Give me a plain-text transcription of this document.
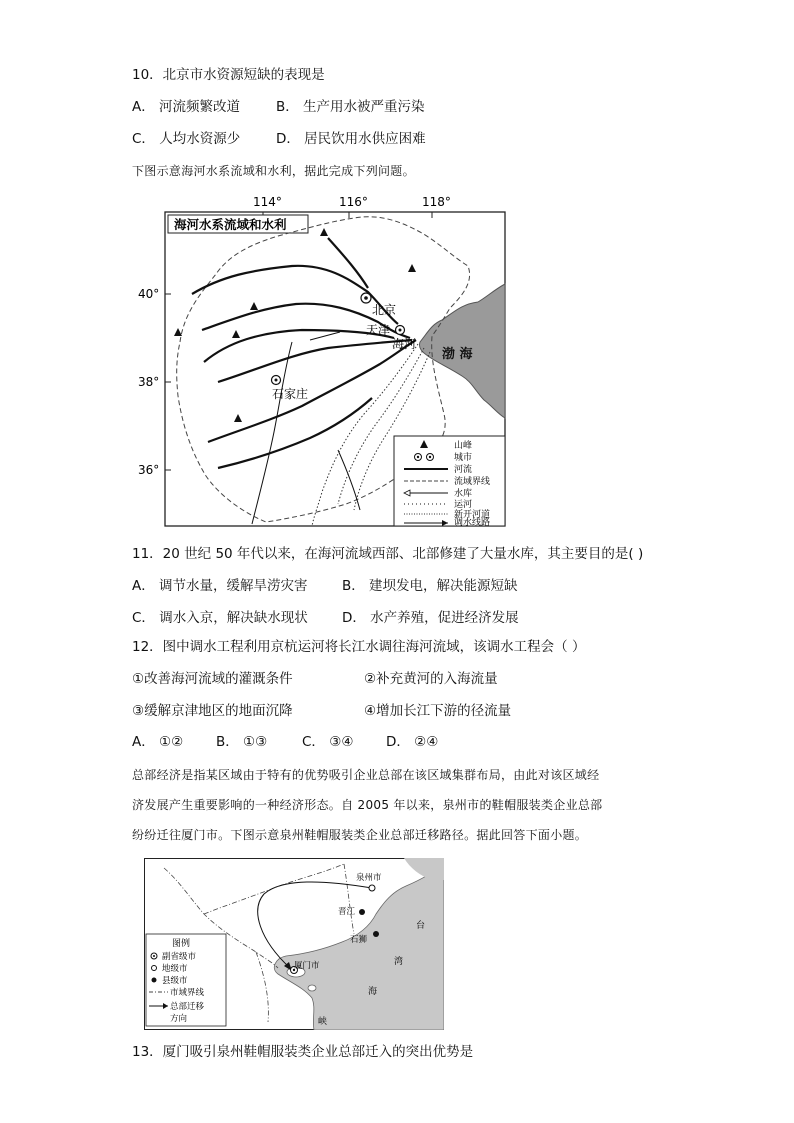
10．北京市水资源短缺的表现是
A． 河流频繁改道	B． 生产用水被严重污染
C． 人均水资源少	D． 居民饮用水供应困难
下图示意海河水系流域和水利，据此完成下列问题。
114°	116°	118°
40°
38°
36°
渤 海
海河水系流域和水利
北京
天津
海河
石家庄
山峰
城市
河流
流域界线
水库
运河
新开河道
调水线路
11．20 世纪 50 年代以来，在海河流域西部、北部修建了大量水库，其主要目的是( )
A． 调节水量，缓解旱涝灾害	B． 建坝发电，解决能源短缺
C． 调水入京，解决缺水现状	D． 水产养殖，促进经济发展
12．图中调水工程利用京杭运河将长江水调往海河流域，该调水工程会（ ）
①改善海河流域的灌溉条件	②补充黄河的入海流量
③缓解京津地区的地面沉降	④增加长江下游的径流量
A． ①② B． ①③	C． ③④ D． ②④
总部经济是指某区域由于特有的优势吸引企业总部在该区域集群布局，由此对该区域经
济发展产生重要影响的一种经济形态。自 2005 年以来，泉州市的鞋帽服装类企业总部
纷纷迁往厦门市。下图示意泉州鞋帽服装类企业总部迁移路径。据此回答下面小题。
泉州市
晋江
石狮
厦门市
台
湾
海
峡
图例
副省级市
地级市
县级市
市域界线
总部迁移
方向
13．厦门吸引泉州鞋帽服装类企业总部迁入的突出优势是
